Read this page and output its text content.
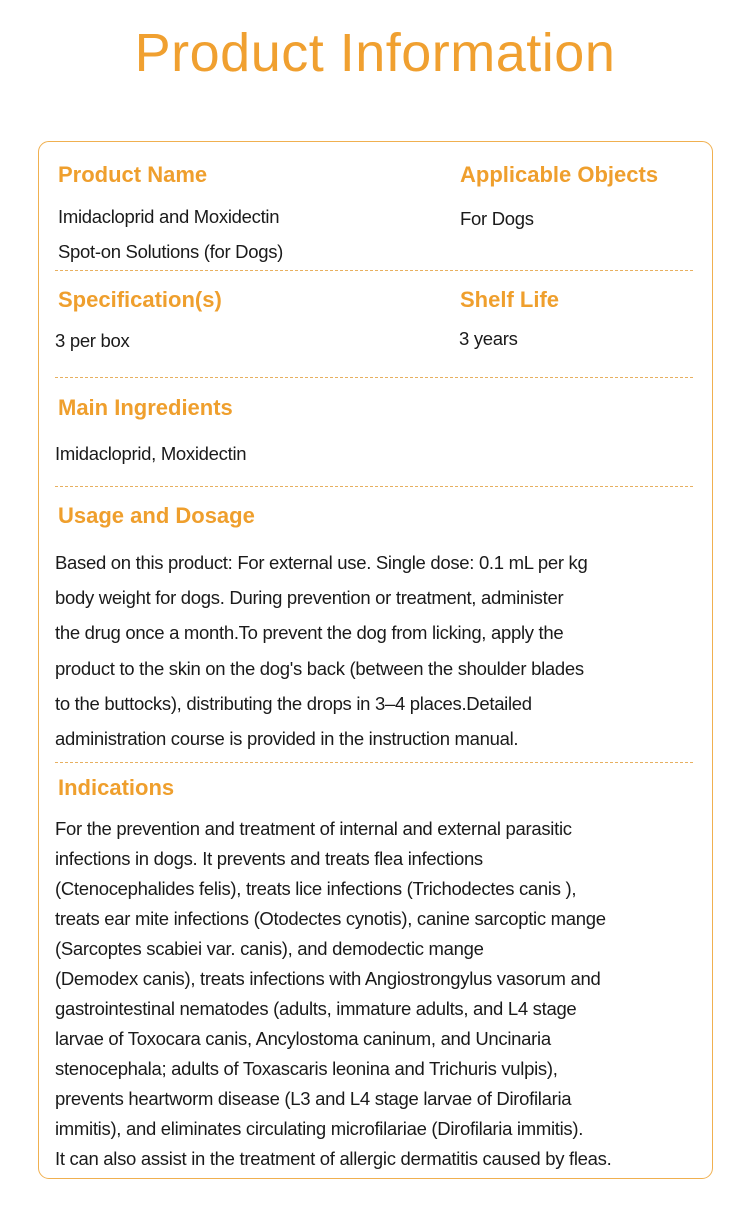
Product Information
Product Name
Imidacloprid and Moxidectin
Spot-on Solutions (for Dogs)
Applicable Objects
For Dogs
Specification(s)
3 per box
Shelf Life
3 years
Main Ingredients
Imidacloprid, Moxidectin
Usage and Dosage
Based on this product: For external use. Single dose: 0.1 mL per kg
body weight for dogs. During prevention or treatment, administer
the drug once a month.To prevent the dog from licking, apply the
product to the skin on the dog's back (between the shoulder blades
to the buttocks), distributing the drops in 3–4 places.Detailed
administration course is provided in the instruction manual.
Indications
For the prevention and treatment of internal and external parasitic
infections in dogs. It prevents and treats flea infections
(Ctenocephalides felis), treats lice infections (Trichodectes canis ),
treats ear mite infections (Otodectes cynotis), canine sarcoptic mange
(Sarcoptes scabiei var. canis), and demodectic mange
(Demodex canis), treats infections with Angiostrongylus vasorum and
gastrointestinal nematodes (adults, immature adults, and L4 stage
larvae of Toxocara canis, Ancylostoma caninum, and Uncinaria
stenocephala; adults of Toxascaris leonina and Trichuris vulpis),
prevents heartworm disease (L3 and L4 stage larvae of Dirofilaria
immitis), and eliminates circulating microfilariae (Dirofilaria immitis).
It can also assist in the treatment of allergic dermatitis caused by fleas.
